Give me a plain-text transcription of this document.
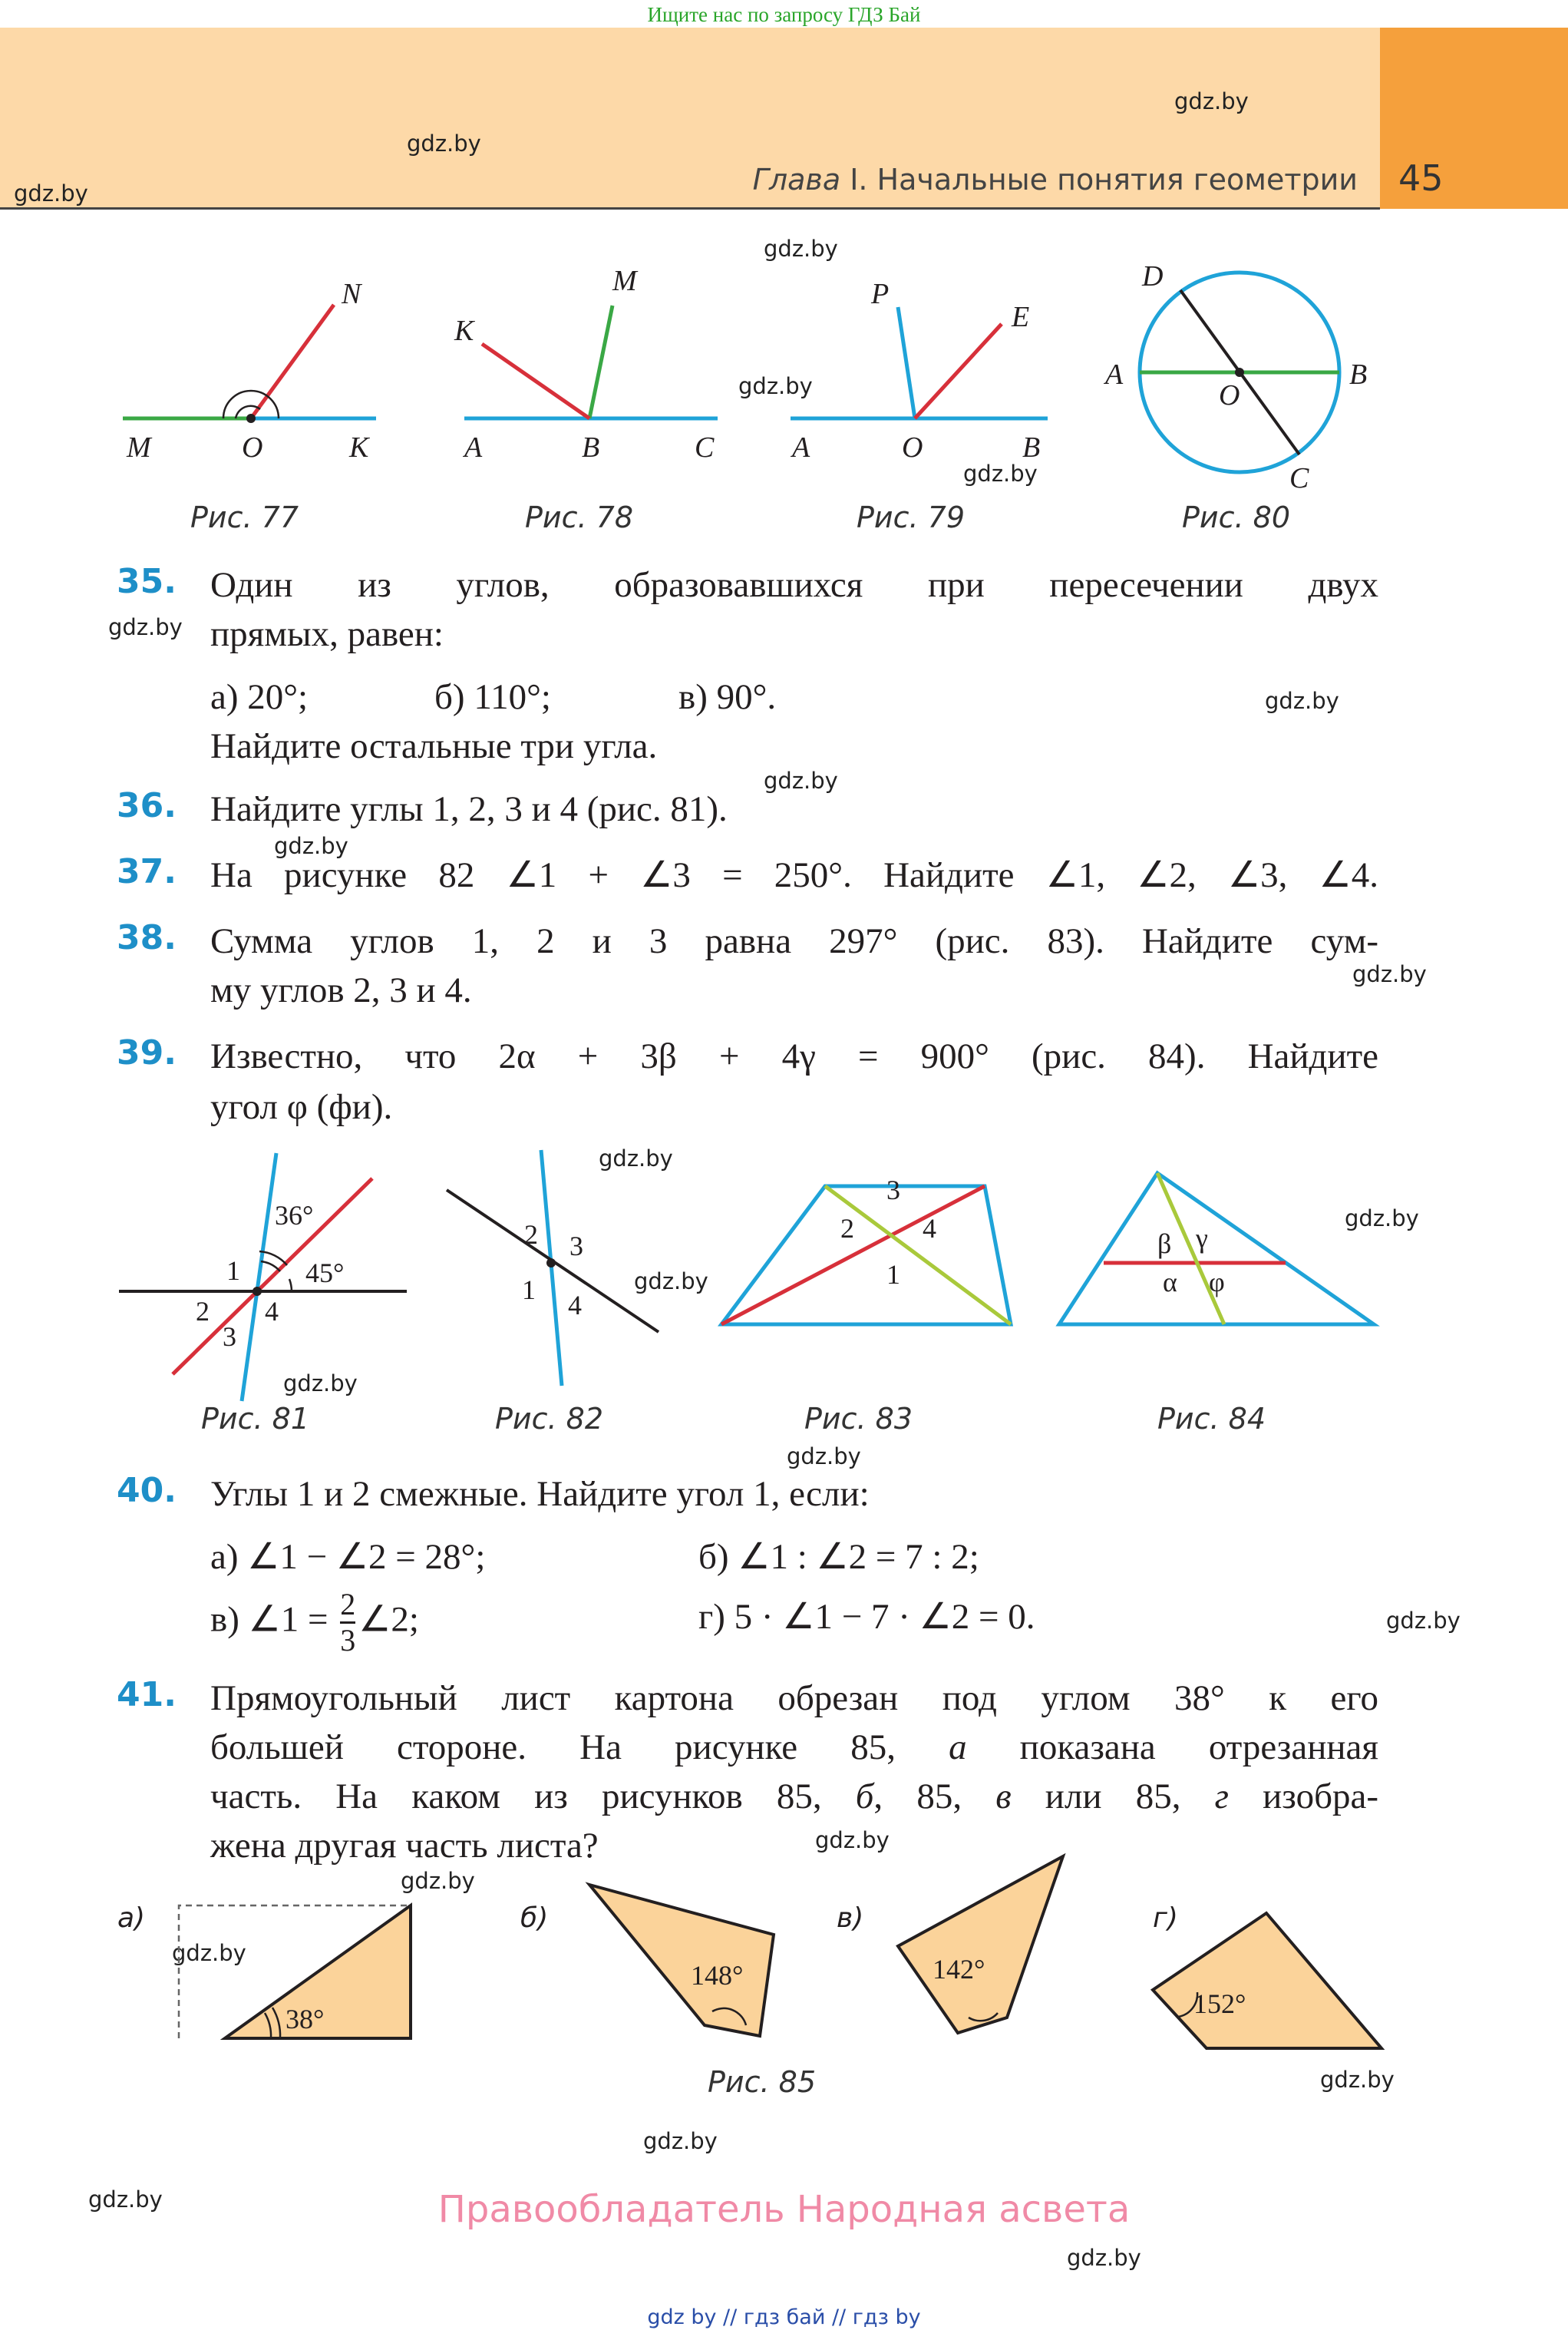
Ищите нас по запросу ГДЗ Бай
Глава I. Начальные понятия геометрии 45
gdz.by
gdz.by
gdz.by
gdz.by
gdz.by
gdz.by
gdz.by
gdz.by
gdz.by
gdz.by
gdz.by
gdz.by
gdz.by
gdz.by
gdz.by
gdz.by
gdz.by
gdz.by
gdz.by
gdz.by
gdz.by
gdz.by
gdz.by
gdz.by
N
M	O	K
M
K
A	B	C
P
E
A	O	B
D
A
O
B
C
Рис. 77	Рис. 78	Рис. 79	Рис. 80
35. Один из углов, образовавшихся при пересечении двух
прямых, равен:
а) 20°;	б) 110°;	в) 90°.
Найдите остальные три угла.
36. Найдите углы 1, 2, 3 и 4 (рис. 81).
37. На рисунке 82 ∠1 + ∠3 = 250°. Найдите ∠1, ∠2, ∠3, ∠4.
38. Сумма углов 1, 2 и 3 равна 297° (рис. 83). Найдите сум-
му углов 2, 3 и 4.
39. Известно, что 2α + 3β + 4γ = 900° (рис. 84). Найдите
угол φ (фи).
36°
1 45°
2 4
3
2 3
1 4
3
2 4
1
β γ
α φ
Рис. 81	Рис. 82	Рис. 83	Рис. 84
40. Углы 1 и 2 смежные. Найдите угол 1, если:
а) ∠1 − ∠2 = 28°;	б) ∠1 : ∠2 = 7 : 2;
в) ∠1 = $\frac{2}{3}$ ∠2;	г) 5 · ∠1 − 7 · ∠2 = 0.
41. Прямоугольный лист картона обрезан под углом 38° к его
большей стороне. На рисунке 85, а показана отрезанная
часть. На каком из рисунков 85, б, 85, в или 85, г изобра-
жена другая часть листа?
а)
38°
б)
148°
в)
142°
г)
152°
Рис. 85
Правообладатель Народная асвета
gdz by // гдз бай // гдз by
